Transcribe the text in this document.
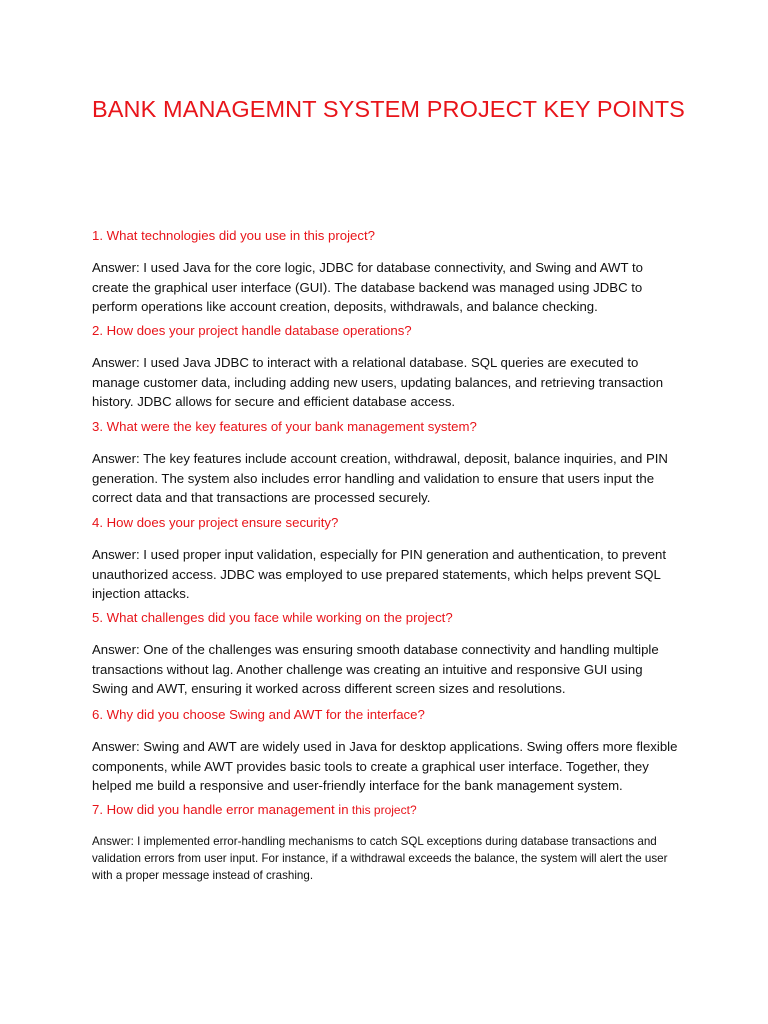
BANK MANAGEMNT SYSTEM PROJECT KEY POINTS

1. What technologies did you use in this project?

Answer: I used Java for the core logic, JDBC for database connectivity, and Swing and AWT to create the graphical user interface (GUI). The database backend was managed using JDBC to perform operations like account creation, deposits, withdrawals, and balance checking.

2. How does your project handle database operations?

Answer: I used Java JDBC to interact with a relational database. SQL queries are executed to manage customer data, including adding new users, updating balances, and retrieving transaction history. JDBC allows for secure and efficient database access.

3. What were the key features of your bank management system?

Answer: The key features include account creation, withdrawal, deposit, balance inquiries, and PIN generation. The system also includes error handling and validation to ensure that users input the correct data and that transactions are processed securely.

4. How does your project ensure security?

Answer: I used proper input validation, especially for PIN generation and authentication, to prevent unauthorized access. JDBC was employed to use prepared statements, which helps prevent SQL injection attacks.

5. What challenges did you face while working on the project?

Answer: One of the challenges was ensuring smooth database connectivity and handling multiple transactions without lag. Another challenge was creating an intuitive and responsive GUI using Swing and AWT, ensuring it worked across different screen sizes and resolutions.

6. Why did you choose Swing and AWT for the interface?

Answer: Swing and AWT are widely used in Java for desktop applications. Swing offers more flexible components, while AWT provides basic tools to create a graphical user interface. Together, they helped me build a responsive and user-friendly interface for the bank management system.

7. How did you handle error management in this project?

Answer: I implemented error-handling mechanisms to catch SQL exceptions during database transactions and validation errors from user input. For instance, if a withdrawal exceeds the balance, the system will alert the user with a proper message instead of crashing.
